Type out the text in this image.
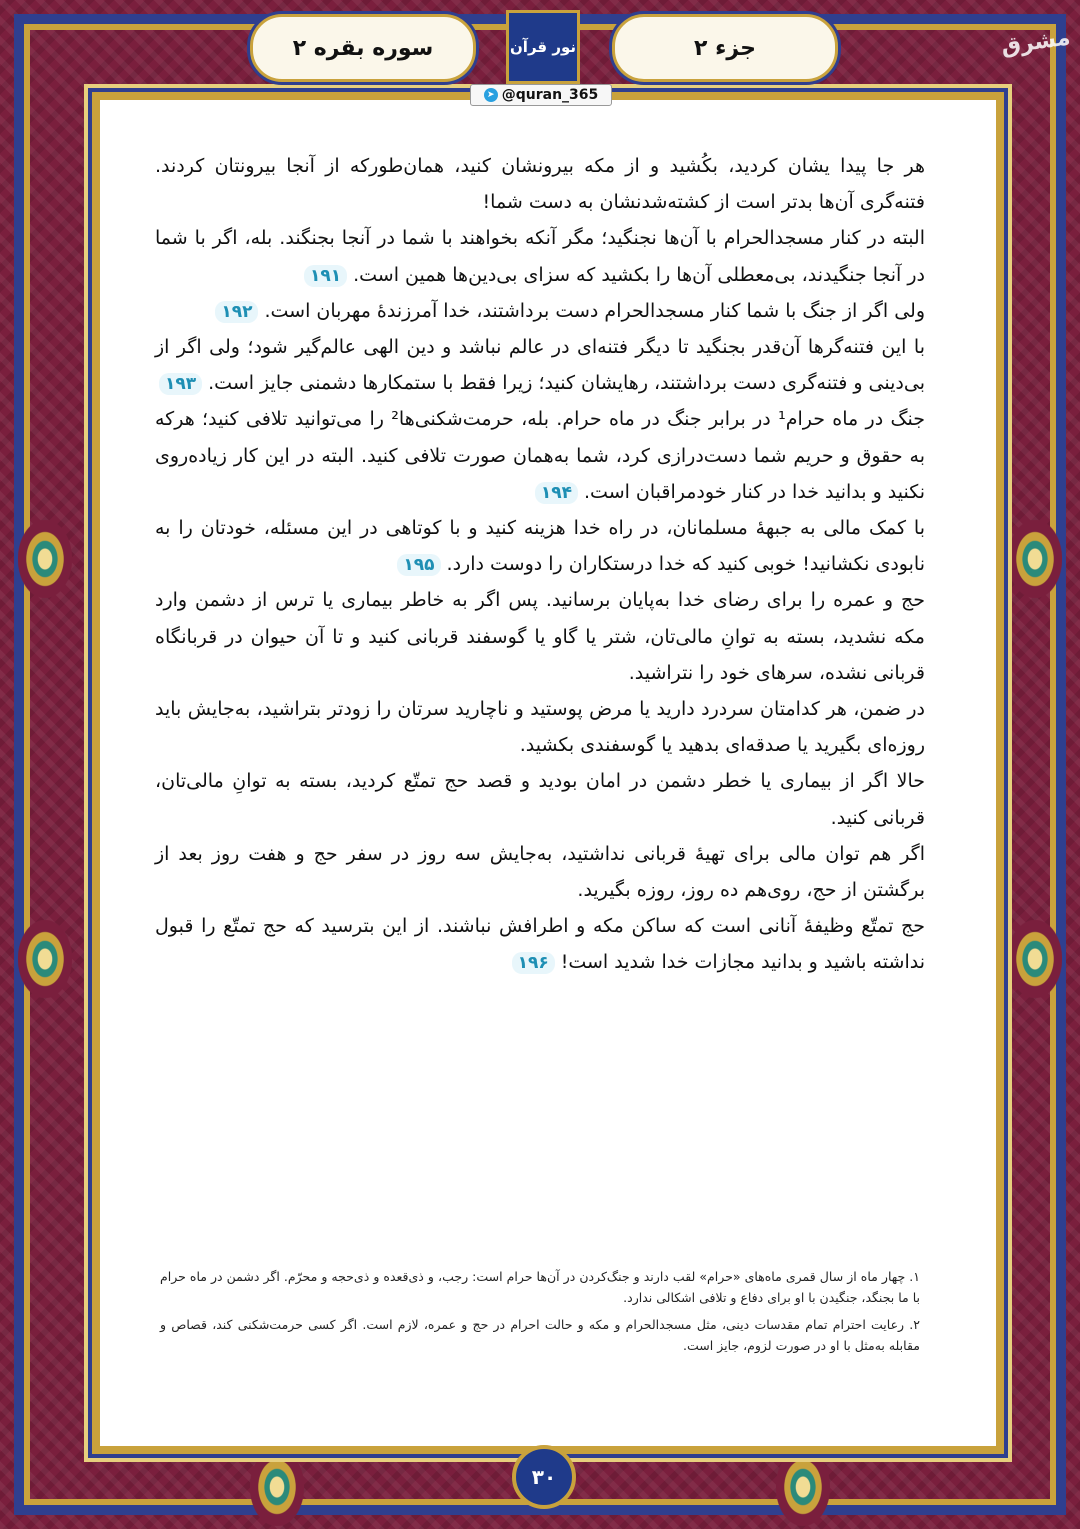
سوره بقره ۲	نور قرآن	جزء ۲	مشرق
➤ @quran_365

هر جا پیدا یشان کردید، بکُشید و از مکه بیرونشان کنید، همان‌طورکه از آنجا بیرونتان کردند. فتنه‌گری آن‌ها بدتر است از کشته‌شدنشان به دست شما!

البته در کنار مسجدالحرام با آن‌ها نجنگید؛ مگر آنکه بخواهند با شما در آنجا بجنگند. بله، اگر با شما در آنجا جنگیدند، بی‌معطلی آن‌ها را بکشید که سزای بی‌دین‌ها همین است.۱۹۱

ولی اگر از جنگ با شما کنار مسجدالحرام دست برداشتند، خدا آمرزندهٔ مهربان است.۱۹۲

با این فتنه‌گرها آن‌قدر بجنگید تا دیگر فتنه‌ای در عالم نباشد و دین الهی عالم‌گیر شود؛ ولی اگر از بی‌دینی و فتنه‌گری دست برداشتند، رهایشان کنید؛ زیرا فقط با ستمکارها دشمنی جایز است.۱۹۳

جنگ در ماه حرام¹ در برابر جنگ در ماه حرام. بله، حرمت‌شکنی‌ها² را می‌توانید تلافی کنید؛ هرکه به حقوق و حریم شما دست‌درازی کرد، شما به‌همان صورت تلافی کنید. البته در این کار زیاده‌روی نکنید و بدانید خدا در کنار خودمراقبان است.۱۹۴

با کمک مالی به جبههٔ مسلمانان، در راه خدا هزینه کنید و با کوتاهی در این مسئله، خودتان را به نابودی نکشانید! خوبی کنید که خدا درستکاران را دوست دارد.۱۹۵

حج و عمره را برای رضای خدا به‌پایان برسانید. پس اگر به خاطر بیماری یا ترس از دشمن وارد مکه نشدید، بسته به توانِ مالی‌تان، شتر یا گاو یا گوسفند قربانی کنید و تا آن حیوان در قربانگاه قربانی نشده، سرهای خود را نتراشید.

در ضمن، هر کدامتان سردرد دارید یا مرض پوستید و ناچارید سرتان را زودتر بتراشید، به‌جایش باید روزه‌ای بگیرید یا صدقه‌ای بدهید یا گوسفندی بکشید.

حالا اگر از بیماری یا خطر دشمن در امان بودید و قصد حج تمتّع کردید، بسته به توانِ مالی‌تان، قربانی کنید.

اگر هم توان مالی برای تهیهٔ قربانی نداشتید، به‌جایش سه روز در سفر حج و هفت روز بعد از برگشتن از حج، روی‌هم ده روز، روزه بگیرید.

حج تمتّع وظیفهٔ آنانی است که ساکن مکه و اطرافش نباشند. از این بترسید که حج تمتّع را قبول نداشته باشید و بدانید مجازات خدا شدید است!۱۹۶

۱. چهار ماه از سال قمری ماه‌های «حرام» لقب دارند و جنگ‌کردن در آن‌ها حرام است: رجب، و ذی‌قعده و ذی‌حجه و محرّم. اگر دشمن در ماه حرام با ما بجنگد، جنگیدن با او برای دفاع و تلافی اشکالی ندارد.

۲. رعایت احترام تمام مقدسات دینی، مثل مسجدالحرام و مکه و حالت احرام در حج و عمره، لازم است. اگر کسی حرمت‌شکنی کند، قصاص و مقابله به‌مثل با او در صورت لزوم، جایز است.

۳۰
